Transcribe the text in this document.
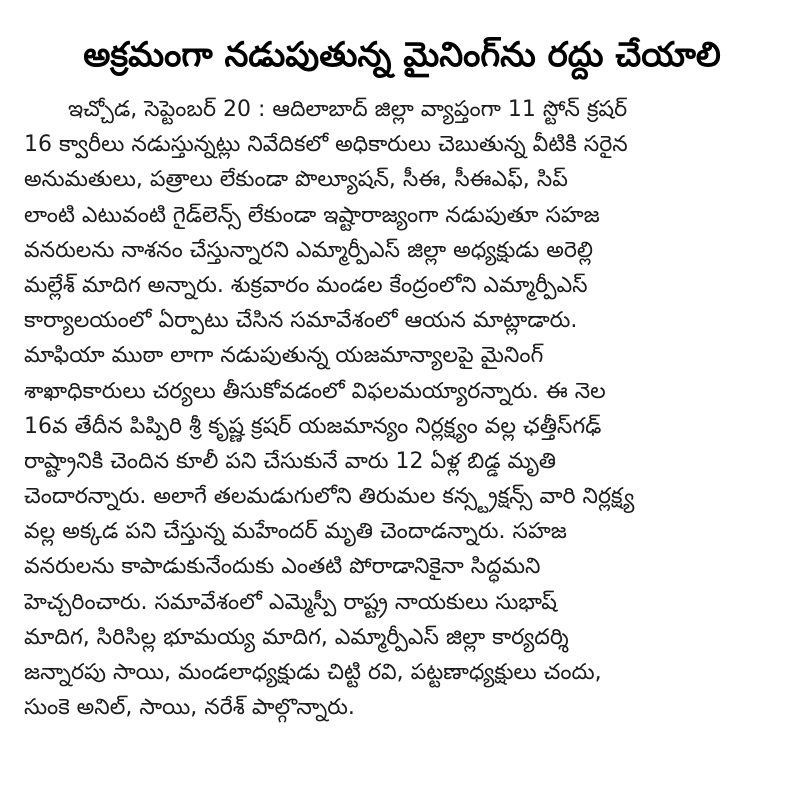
అక్రమంగా నడుపుతున్న మైనింగ్‌ను రద్దు చేయాలి
ఇచ్చోడ, సెప్టెంబర్ 20 : ఆదిలాబాద్ జిల్లా వ్యాప్తంగా 11 స్టోన్ క్రషర్
16 క్వారీలు నడుస్తున్నట్లు నివేదికలో అధికారులు చెబుతున్న వీటికి సరైన
అనుమతులు, పత్రాలు లేకుండా పొల్యూషన్, సీఈ, సీఈఎఫ్, సిప్
లాంటి ఎటువంటి గైడ్‌లెన్స్ లేకుండా ఇష్టారాజ్యంగా నడుపుతూ సహజ
వనరులను నాశనం చేస్తున్నారని ఎమ్మార్పీఎస్ జిల్లా అధ్యక్షుడు అరెల్లి
మల్లేశ్ మాదిగ అన్నారు. శుక్రవారం మండల కేంద్రంలోని ఎమ్మార్పీఎస్
కార్యాలయంలో ఏర్పాటు చేసిన సమావేశంలో ఆయన మాట్లాడారు.
మాఫియా ముఠా లాగా నడుపుతున్న యజమాన్యాలపై మైనింగ్
శాఖాధికారులు చర్యలు తీసుకోవడంలో విఫలమయ్యారన్నారు. ఈ నెల
16వ తేదీన పిప్పిరి శ్రీ కృష్ణ క్రషర్ యజమాన్యం నిర్లక్ష్యం వల్ల ఛత్తీస్‌గఢ్
రాష్ట్రానికి చెందిన కూలీ పని చేసుకునే వారు 12 ఏళ్ల బిడ్డ మృతి
చెందారన్నారు. అలాగే తలమడుగులోని తిరుమల కన్స్ట్రక్షన్స్ వారి నిర్లక్ష్య
వల్ల అక్కడ పని చేస్తున్న మహేందర్ మృతి చెందాడన్నారు. సహజ
వనరులను కాపాడుకునేందుకు ఎంతటి పోరాడానికైనా సిద్ధమని
హెచ్చరించారు. సమావేశంలో ఎమ్మెస్పీ రాష్ట్ర నాయకులు సుభాష్
మాదిగ, సిరిసిల్ల భూమయ్య మాదిగ, ఎమ్మార్పీఎస్ జిల్లా కార్యదర్శి
జన్నారపు సాయి, మండలాధ్యక్షుడు చిట్టి రవి, పట్టణాధ్యక్షులు చందు,
సుంకె అనిల్, సాయి, నరేశ్ పాల్గొన్నారు.
